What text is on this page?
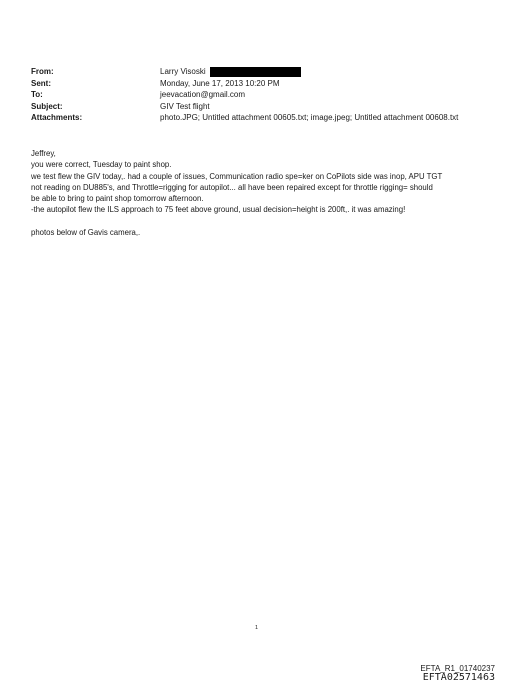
From:	Larry Visoski
Sent:	Monday, June 17, 2013 10:20 PM
To:	jeevacation@gmail.com
Subject:	GIV Test flight
Attachments:	photo.JPG; Untitled attachment 00605.txt; image.jpeg; Untitled attachment 00608.txt

Jeffrey,

you were correct, Tuesday to paint shop.

we test flew the GIV today,. had a couple of issues, Communication radio spe=ker on CoPilots side was inop, APU TGT

not reading on DU885's, and Throttle=rigging for autopilot... all have been repaired except for throttle rigging= should

be able to bring to paint shop tomorrow afternoon.

-the autopilot flew the ILS approach to 75 feet above ground, usual decision=height is 200ft,. it was amazing!

photos below of Gavis camera,.

1
EFTA_R1_01740237
EFTA02571463
